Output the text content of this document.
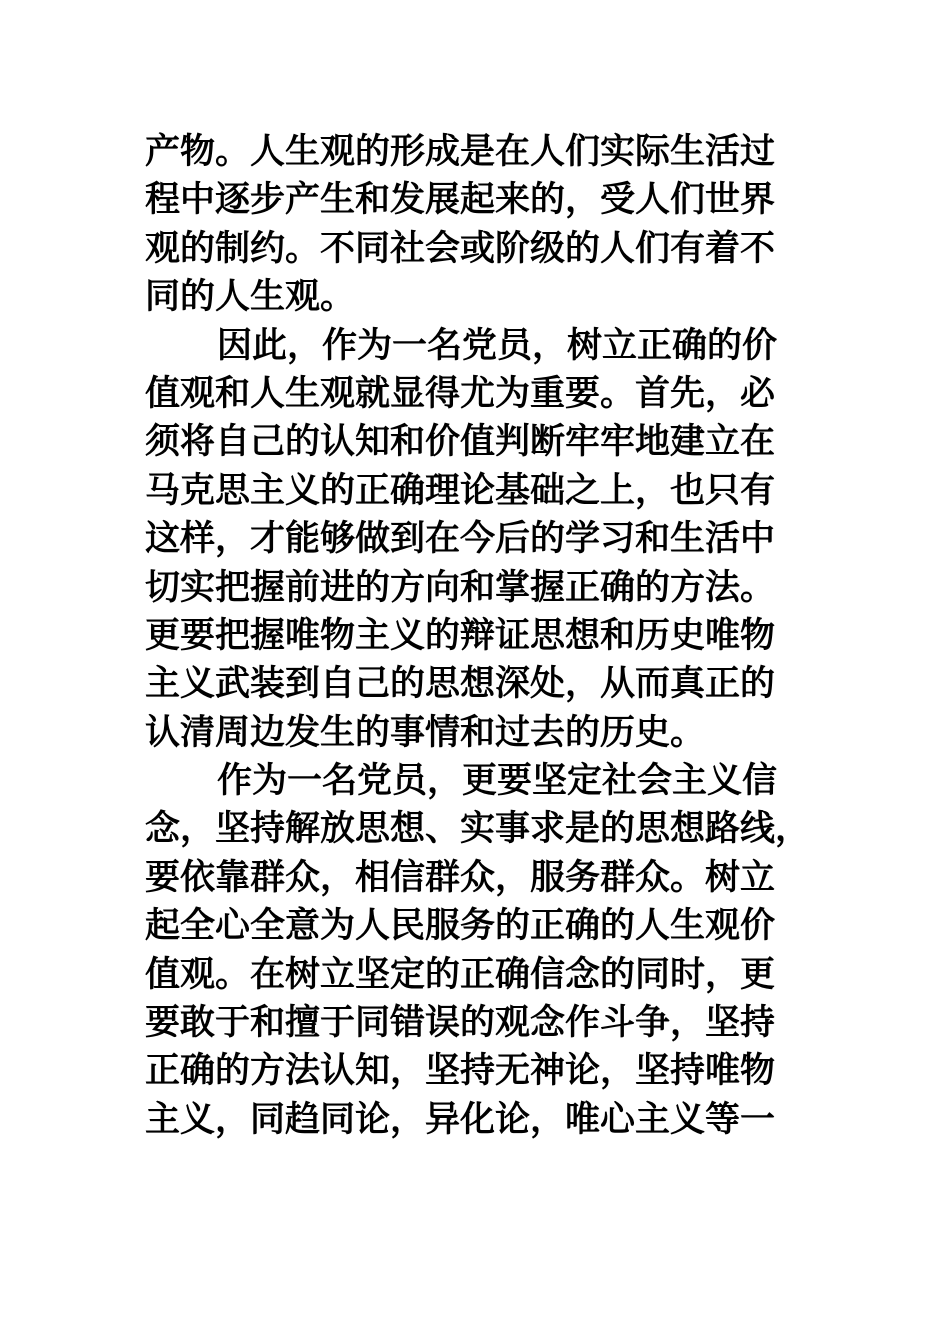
产物。人生观的形成是在人们实际生活过
程中逐步产生和发展起来的，受人们世界
观的制约。不同社会或阶级的人们有着不
同的人生观。
因此，作为一名党员，树立正确的价
值观和人生观就显得尤为重要。首先，必
须将自己的认知和价值判断牢牢地建立在
马克思主义的正确理论基础之上，也只有
这样，才能够做到在今后的学习和生活中
切实把握前进的方向和掌握正确的方法。
更要把握唯物主义的辩证思想和历史唯物
主义武装到自己的思想深处，从而真正的
认清周边发生的事情和过去的历史。
作为一名党员，更要坚定社会主义信
念，坚持解放思想、实事求是的思想路线，
要依靠群众，相信群众，服务群众。树立
起全心全意为人民服务的正确的人生观价
值观。在树立坚定的正确信念的同时，更
要敢于和擅于同错误的观念作斗争，坚持
正确的方法认知，坚持无神论，坚持唯物
主义，同趋同论，异化论，唯心主义等一
